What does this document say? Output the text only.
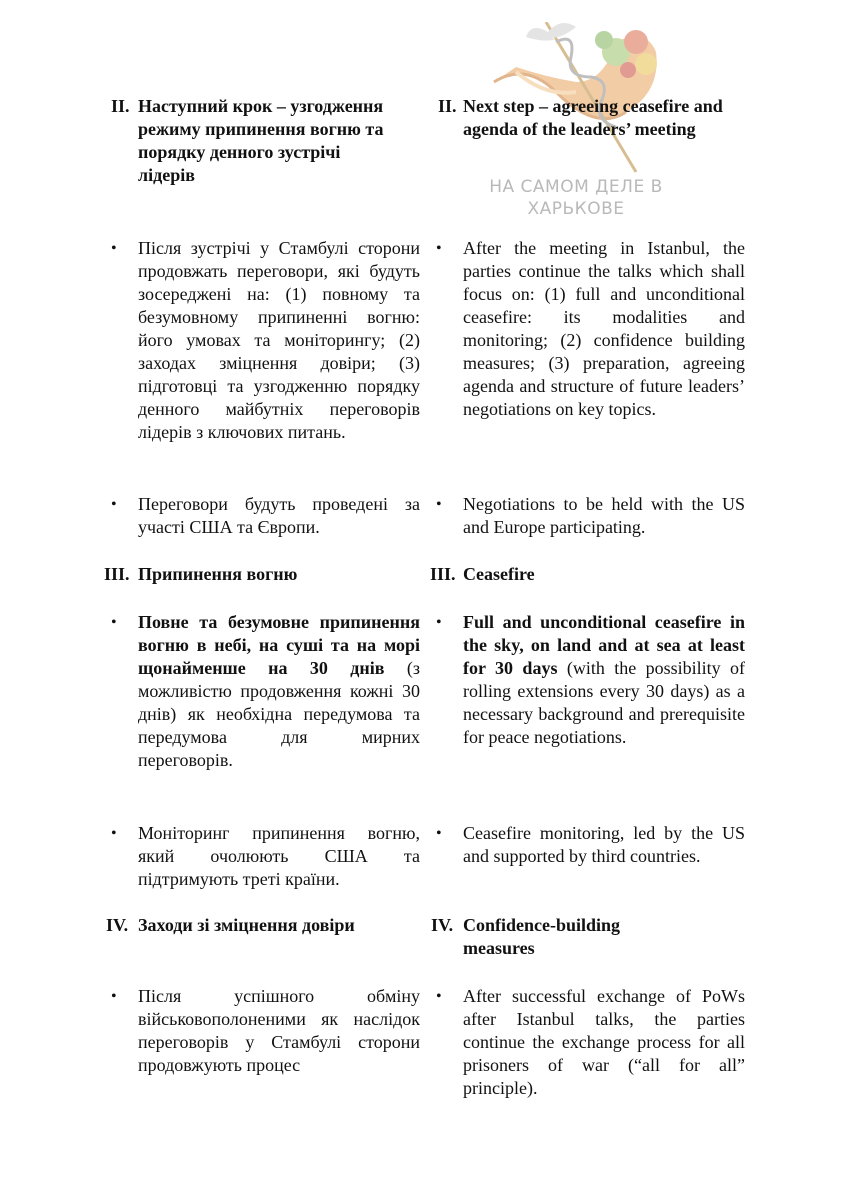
НА САМОМ ДЕЛЕ В
ХАРЬКОВЕ
II. Наступний крок – узгодження режиму припинення вогню та порядку денного зустрічі лідерів
II. Next step – agreeing ceasefire and agenda of the leaders’ meeting
• Після зустрічі у Стамбулі сторони продовжать переговори, які будуть зосереджені на: (1) повному та безумовному припиненні вогню: його умовах та моніторингу; (2) заходах зміцнення довіри; (3) підготовці та узгодженню порядку денного майбутніх переговорів лідерів з ключових питань.
• After the meeting in Istanbul, the parties continue the talks which shall focus on: (1) full and unconditional ceasefire: its modalities and monitoring; (2) confidence building measures; (3) preparation, agreeing agenda and structure of future leaders’ negotiations on key topics.
• Переговори будуть проведені за участі США та Європи.
• Negotiations to be held with the US and Europe participating.
III. Припинення вогню	III. Ceasefire
• Повне та безумовне припинення вогню в небі, на суші та на морі щонайменше на 30 днів (з можливістю продовження кожні 30 днів) як необхідна передумова та передумова для мирних переговорів.
• Full and unconditional ceasefire in the sky, on land and at sea at least for 30 days (with the possibility of rolling extensions every 30 days) as a necessary background and prerequisite for peace negotiations.
• Моніторинг припинення вогню, який очолюють США та підтримують треті країни.
• Ceasefire monitoring, led by the US and supported by third countries.
IV. Заходи зі зміцнення довіри	IV. Confidence-building measures
• Після успішного обміну військовополоненими як наслідок переговорів у Стамбулі сторони продовжують процес
• After successful exchange of PoWs after Istanbul talks, the parties continue the exchange process for all prisoners of war (“all for all” principle).
